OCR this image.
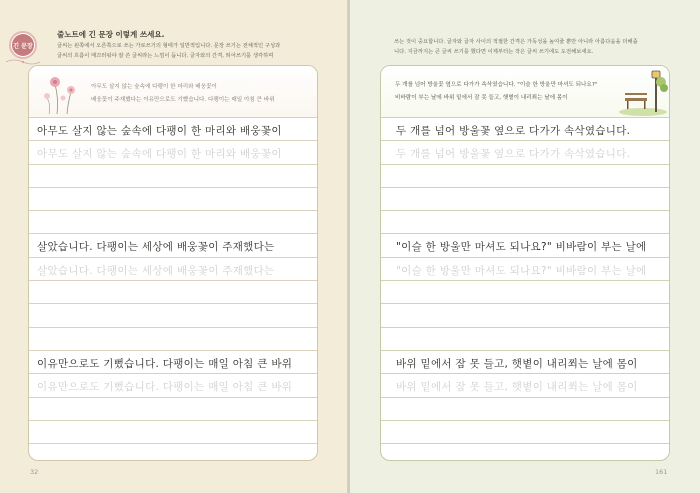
긴 문장
줄노트에 긴 문장 이렇게 쓰세요.
글씨는 왼쪽에서 오른쪽으로 쓰는 가로쓰기의 형태가 일반적입니다. 문장 쓰기는 전체적인 구성과
글씨의 흐름이 매끄러워야 잘 쓴 글씨라는 느낌이 듭니다. 글자와의 간격, 띄어쓰기를 생각하며
아무도 살지 않는 숲속에 다팽이 한 마리와 배웅꽃이
배웅꽃이 주재했다는 이유만으로도 기뻤습니다. 다팽이는 매일 아침 큰 바위
아무도 살지 않는 숲속에 다팽이 한 마리와 배웅꽃이
아무도 살지 않는 숲속에 다팽이 한 마리와 배웅꽃이
살았습니다. 다팽이는 세상에 배웅꽃이 주재했다는
살았습니다. 다팽이는 세상에 배웅꽃이 주재했다는
이유만으로도 기뻤습니다. 다팽이는 매일 아침 큰 바위
이유만으로도 기뻤습니다. 다팽이는 매일 아침 큰 바위
32
쓰는 것이 중요합니다. 글자와 글자 사이의 적절한 간격은 가독성을 높여줄 뿐만 아니라 아름다움을 더해줍
니다. 지금까지는 큰 글씨 쓰기를 했다면 이제부터는 작은 글씨 쓰기에도 도전해보세요.
두 개를 넘어 방울꽃 옆으로 다가가 속삭였습니다. "이슬 한 방울만 마셔도 되나요?"
비바람이 부는 날에 바위 밑에서 잠 못 들고, 햇볕이 내리쬐는 날에 몸이
두 개를 넘어 방울꽃 옆으로 다가가 속삭였습니다.
두 개를 넘어 방울꽃 옆으로 다가가 속삭였습니다.
"이슬 한 방울만 마셔도 되나요?" 비바람이 부는 날에
"이슬 한 방울만 마셔도 되나요?" 비바람이 부는 날에
바위 밑에서 잠 못 들고, 햇볕이 내리쬐는 날에 몸이
바위 밑에서 잠 못 들고, 햇볕이 내리쬐는 날에 몸이
161
